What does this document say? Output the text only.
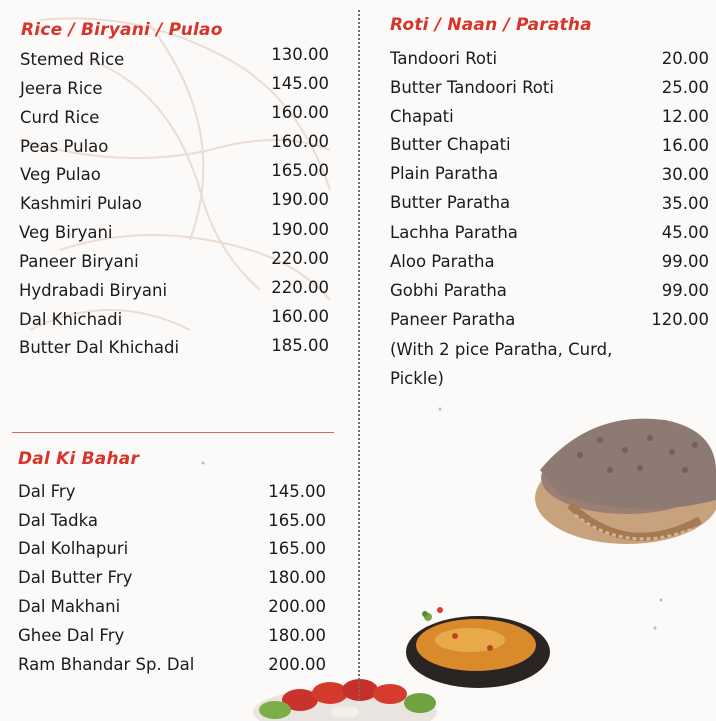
Rice / Biryani / Pulao
Stemed Rice	130.00
Jeera Rice	145.00
Curd Rice	160.00
Peas Pulao	160.00
Veg Pulao	165.00
Kashmiri Pulao	190.00
Veg Biryani	190.00
Paneer Biryani	220.00
Hydrabadi Biryani	220.00
Dal Khichadi	160.00
Butter Dal Khichadi	185.00
Dal Ki Bahar
Dal Fry	145.00
Dal Tadka	165.00
Dal Kolhapuri	165.00
Dal Butter Fry	180.00
Dal Makhani	200.00
Ghee Dal Fry	180.00
Ram Bhandar Sp. Dal	200.00
Roti / Naan / Paratha
Tandoori Roti	20.00
Butter Tandoori Roti	25.00
Chapati	12.00
Butter Chapati	16.00
Plain Paratha	30.00
Butter Paratha	35.00
Lachha Paratha	45.00
Aloo Paratha	99.00
Gobhi Paratha	99.00
Paneer Paratha	120.00
(With 2 pice Paratha, Curd,
Pickle)
